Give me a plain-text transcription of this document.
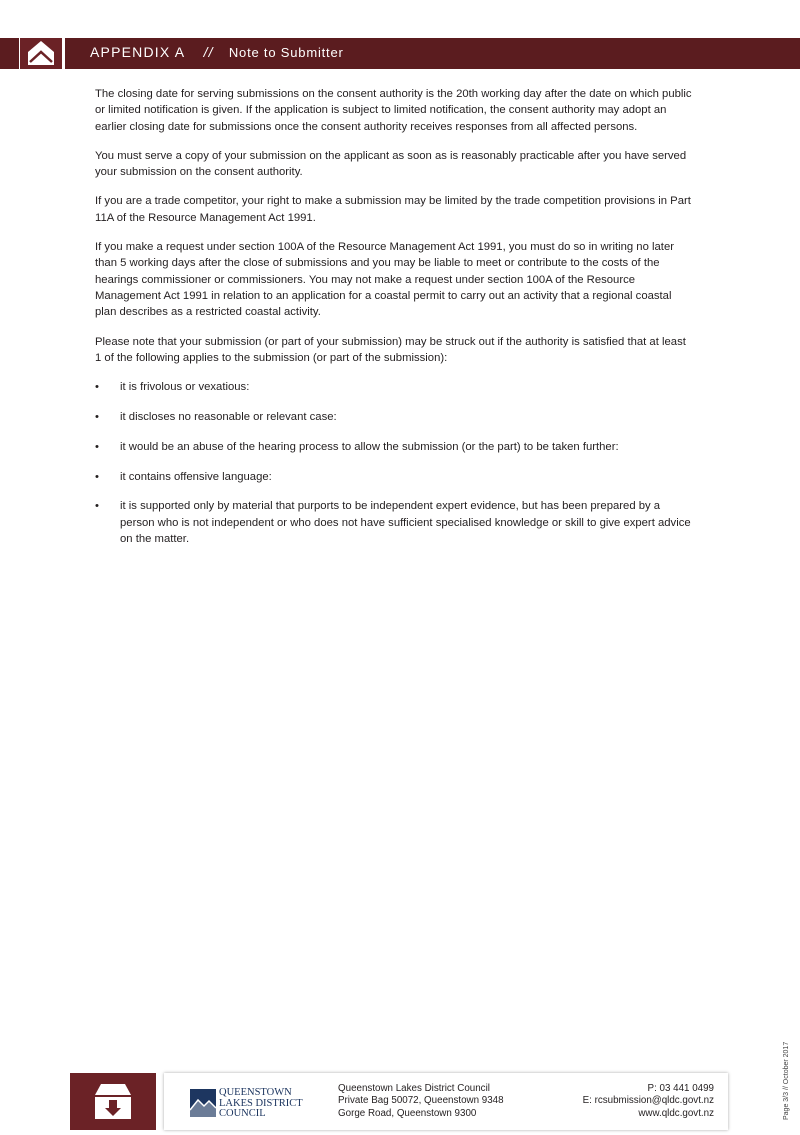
APPENDIX A // Note to Submitter

The closing date for serving submissions on the consent authority is the 20th working day after the date on which public or limited notification is given. If the application is subject to limited notification, the consent authority may adopt an earlier closing date for submissions once the consent authority receives responses from all affected persons.

You must serve a copy of your submission on the applicant as soon as is reasonably practicable after you have served your submission on the consent authority.

If you are a trade competitor, your right to make a submission may be limited by the trade competition provisions in Part 11A of the Resource Management Act 1991.

If you make a request under section 100A of the Resource Management Act 1991, you must do so in writing no later than 5 working days after the close of submissions and you may be liable to meet or contribute to the costs of the hearings commissioner or commissioners. You may not make a request under section 100A of the Resource Management Act 1991 in relation to an application for a coastal permit to carry out an activity that a regional coastal plan describes as a restricted coastal activity.

Please note that your submission (or part of your submission) may be struck out if the authority is satisfied that at least 1 of the following applies to the submission (or part of the submission):

• it is frivolous or vexatious:
• it discloses no reasonable or relevant case:
• it would be an abuse of the hearing process to allow the submission (or the part) to be taken further:
• it contains offensive language:
• it is supported only by material that purports to be independent expert evidence, but has been prepared by a person who is not independent or who does not have sufficient specialised knowledge or skill to give expert advice on the matter.
QUEENSTOWN
LAKES DISTRICT
COUNCIL
Queenstown Lakes District Council
Private Bag 50072, Queenstown 9348
Gorge Road, Queenstown 9300
P: 03 441 0499
E: rcsubmission@qldc.govt.nz
www.qldc.govt.nz	Page 3/3 // October 2017
